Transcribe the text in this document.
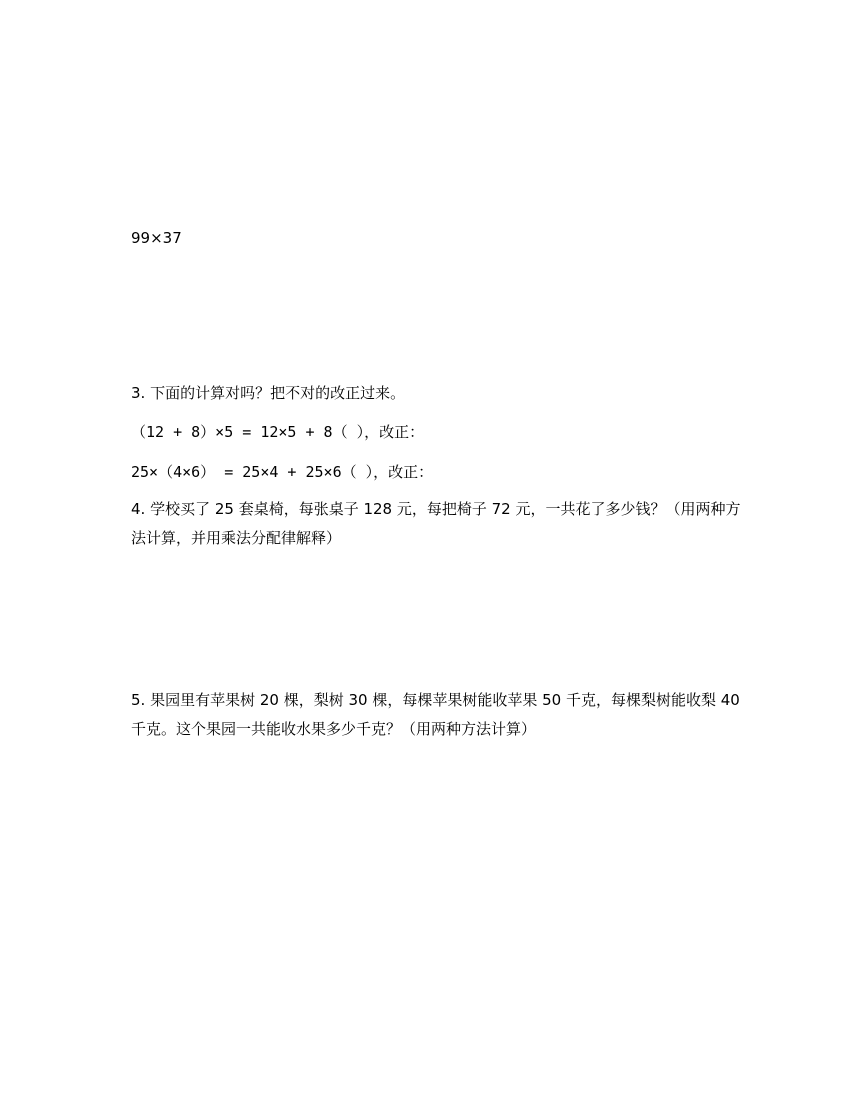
99×37
3. 下面的计算对吗？把不对的改正过来。
（12 + 8）×5 = 12×5 + 8（ ），改正：
25×（4×6） = 25×4 + 25×6（ ），改正：
4. 学校买了 25 套桌椅，每张桌子 128 元，每把椅子 72 元，一共花了多少钱？（用两种方法计算，并用乘法分配律解释）
5. 果园里有苹果树 20 棵，梨树 30 棵，每棵苹果树能收苹果 50 千克，每棵梨树能收梨 40 千克。这个果园一共能收水果多少千克？（用两种方法计算）
